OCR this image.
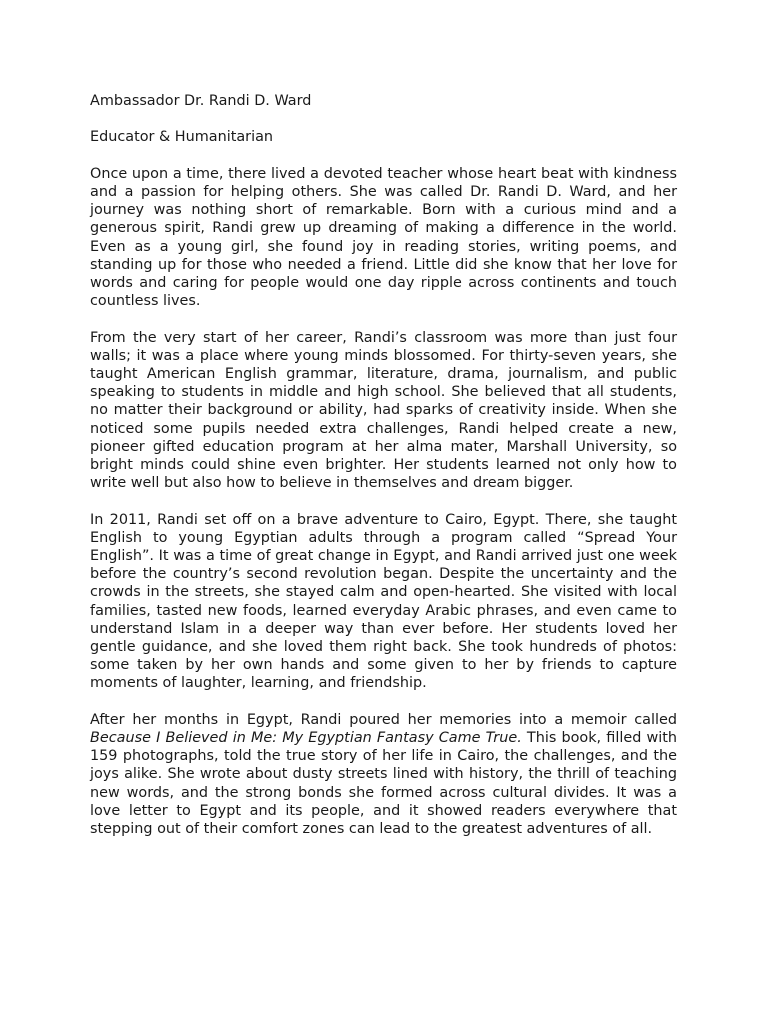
Ambassador Dr. Randi D. Ward
Educator & Humanitarian

Once upon a time, there lived a devoted teacher whose heart beat with kindness and a passion for helping others. She was called Dr. Randi D. Ward, and her journey was nothing short of remarkable. Born with a curious mind and a generous spirit, Randi grew up dreaming of making a difference in the world. Even as a young girl, she found joy in reading stories, writing poems, and standing up for those who needed a friend. Little did she know that her love for words and caring for people would one day ripple across continents and touch countless lives.

From the very start of her career, Randi’s classroom was more than just four walls; it was a place where young minds blossomed. For thirty-seven years, she taught American English grammar, literature, drama, journalism, and public speaking to students in middle and high school. She believed that all students, no matter their background or ability, had sparks of creativity inside. When she noticed some pupils needed extra challenges, Randi helped create a new, pioneer gifted education program at her alma mater, Marshall University, so bright minds could shine even brighter. Her students learned not only how to write well but also how to believe in themselves and dream bigger.

In 2011, Randi set off on a brave adventure to Cairo, Egypt. There, she taught English to young Egyptian adults through a program called “Spread Your English”. It was a time of great change in Egypt, and Randi arrived just one week before the country’s second revolution began. Despite the uncertainty and the crowds in the streets, she stayed calm and open-hearted. She visited with local families, tasted new foods, learned everyday Arabic phrases, and even came to understand Islam in a deeper way than ever before. Her students loved her gentle guidance, and she loved them right back. She took hundreds of photos: some taken by her own hands and some given to her by friends to capture moments of laughter, learning, and friendship.

After her months in Egypt, Randi poured her memories into a memoir called Because I Believed in Me: My Egyptian Fantasy Came True. This book, filled with 159 photographs, told the true story of her life in Cairo, the challenges, and the joys alike. She wrote about dusty streets lined with history, the thrill of teaching new words, and the strong bonds she formed across cultural divides. It was a love letter to Egypt and its people, and it showed readers everywhere that stepping out of their comfort zones can lead to the greatest adventures of all.
